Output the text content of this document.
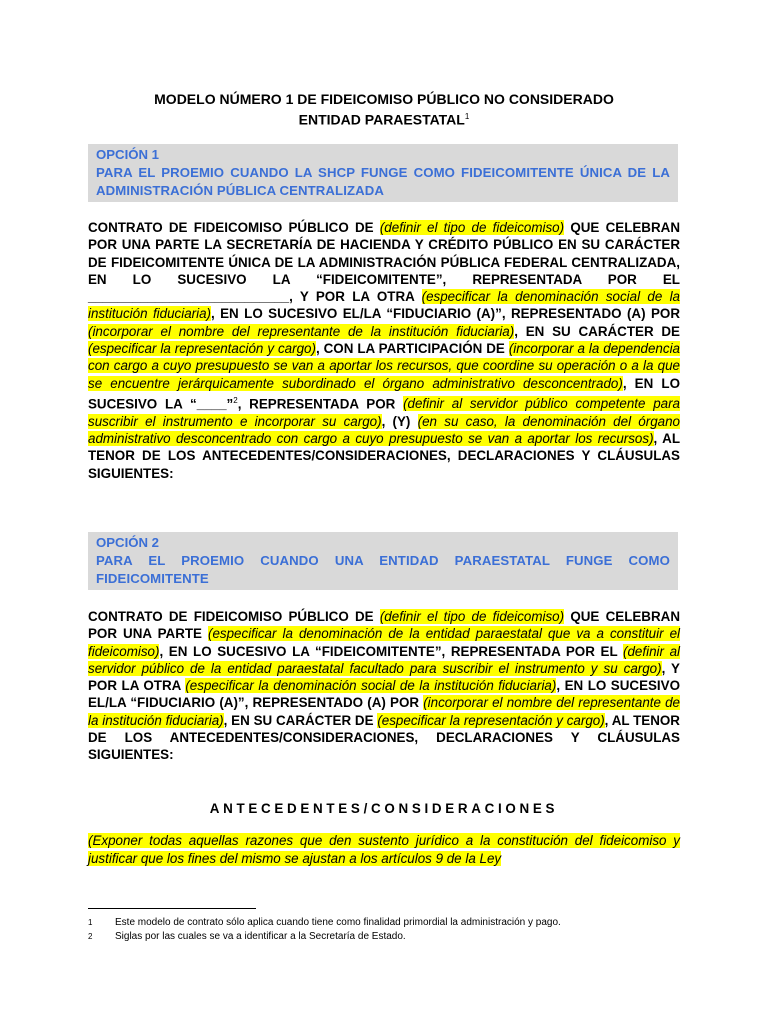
MODELO NÚMERO 1 DE FIDEICOMISO PÚBLICO NO CONSIDERADO
ENTIDAD PARAESTATAL$^1$
OPCIÓN 1
PARA EL PROEMIO CUANDO LA SHCP FUNGE COMO FIDEICOMITENTE ÚNICA DE LA ADMINISTRACIÓN PÚBLICA CENTRALIZADA
CONTRATO DE FIDEICOMISO PÚBLICO DE (definir el tipo de fideicomiso) QUE CELEBRAN POR UNA PARTE LA SECRETARÍA DE HACIENDA Y CRÉDITO PÚBLICO EN SU CARÁCTER DE FIDEICOMITENTE ÚNICA DE LA ADMINISTRACIÓN PÚBLICA FEDERAL CENTRALIZADA, EN LO SUCESIVO LA “FIDEICOMITENTE”, REPRESENTADA POR EL ___________________________, Y POR LA OTRA (especificar la denominación social de la institución fiduciaria), EN LO SUCESIVO EL/LA “FIDUCIARIO (A)”, REPRESENTADO (A) POR (incorporar el nombre del representante de la institución fiduciaria), EN SU CARÁCTER DE (especificar la representación y cargo), CON LA PARTICIPACIÓN DE (incorporar a la dependencia con cargo a cuyo presupuesto se van a aportar los recursos, que coordine su operación o a la que se encuentre jerárquicamente subordinado el órgano administrativo desconcentrado), EN LO SUCESIVO LA “____”$^2$, REPRESENTADA POR (definir al servidor público competente para suscribir el instrumento e incorporar su cargo), (Y) (en su caso, la denominación del órgano administrativo desconcentrado con cargo a cuyo presupuesto se van a aportar los recursos), AL TENOR DE LOS ANTECEDENTES/CONSIDERACIONES, DECLARACIONES Y CLÁUSULAS SIGUIENTES:
OPCIÓN 2
PARA EL PROEMIO CUANDO UNA ENTIDAD PARAESTATAL FUNGE COMO FIDEICOMITENTE
CONTRATO DE FIDEICOMISO PÚBLICO DE (definir el tipo de fideicomiso) QUE CELEBRAN POR UNA PARTE (especificar la denominación de la entidad paraestatal que va a constituir el fideicomiso), EN LO SUCESIVO LA “FIDEICOMITENTE”, REPRESENTADA POR EL (definir al servidor público de la entidad paraestatal facultado para suscribir el instrumento y su cargo), Y POR LA OTRA (especificar la denominación social de la institución fiduciaria), EN LO SUCESIVO EL/LA “FIDUCIARIO (A)”, REPRESENTADO (A) POR (incorporar el nombre del representante de la institución fiduciaria), EN SU CARÁCTER DE (especificar la representación y cargo), AL TENOR DE LOS ANTECEDENTES/CONSIDERACIONES, DECLARACIONES Y CLÁUSULAS SIGUIENTES:
ANTECEDENTES/CONSIDERACIONES
(Exponer todas aquellas razones que den sustento jurídico a la constitución del fideicomiso y justificar que los fines del mismo se ajustan a los artículos 9 de la Ley
1 Este modelo de contrato sólo aplica cuando tiene como finalidad primordial la administración y pago.
2 Siglas por las cuales se va a identificar a la Secretaría de Estado.
